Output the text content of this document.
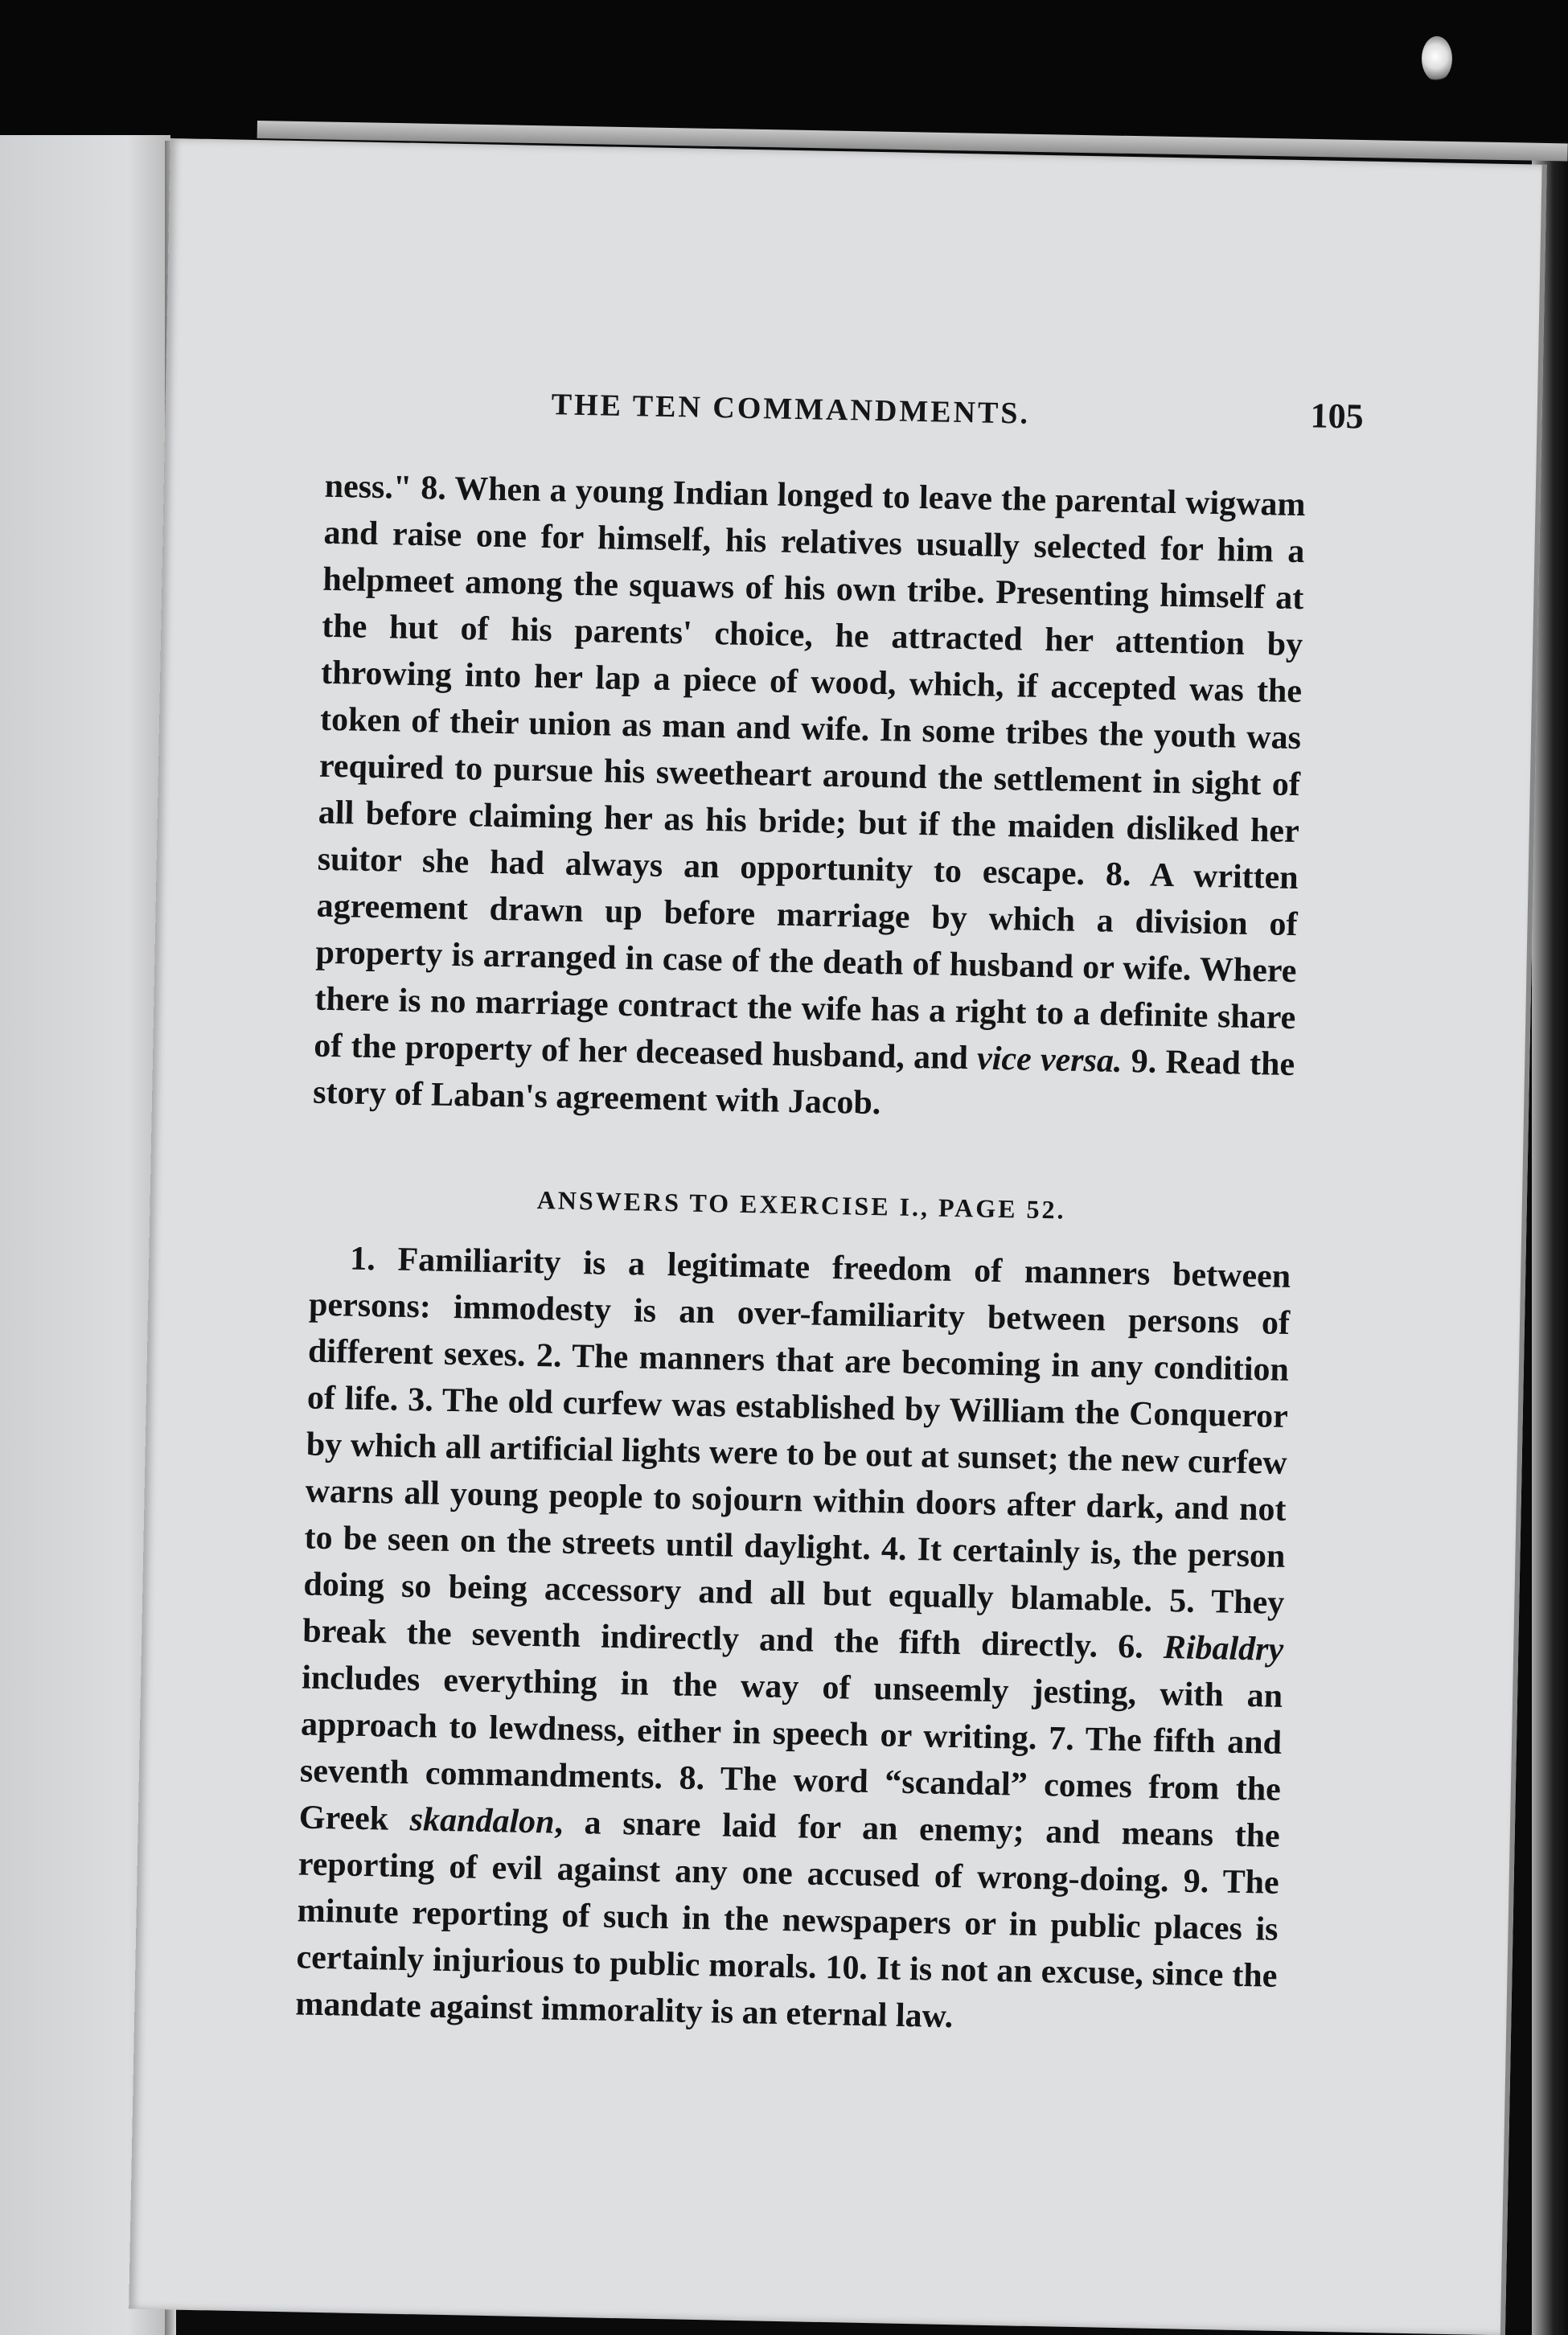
THE TEN COMMANDMENTS.	105

ness." 8. When a young Indian longed to leave the parental wigwam and raise one for himself, his relatives usually selected for him a helpmeet among the squaws of his own tribe. Presenting himself at the hut of his parents' choice, he attracted her attention by throwing into her lap a piece of wood, which, if accepted was the token of their union as man and wife. In some tribes the youth was required to pursue his sweetheart around the settlement in sight of all before claiming her as his bride; but if the maiden disliked her suitor she had always an opportunity to escape. 8. A written agreement drawn up before marriage by which a division of property is arranged in case of the death of husband or wife. Where there is no marriage contract the wife has a right to a definite share of the property of her deceased husband, and vice versa. 9. Read the story of Laban's agreement with Jacob.

ANSWERS TO EXERCISE I., PAGE 52.

1. Familiarity is a legitimate freedom of manners between persons: immodesty is an over-familiarity between persons of different sexes. 2. The manners that are becoming in any condition of life. 3. The old curfew was established by William the Conqueror by which all artificial lights were to be out at sunset; the new curfew warns all young people to sojourn within doors after dark, and not to be seen on the streets until daylight. 4. It certainly is, the person doing so being accessory and all but equally blamable. 5. They break the seventh indirectly and the fifth directly. 6. Ribaldry includes everything in the way of unseemly jesting, with an approach to lewdness, either in speech or writing. 7. The fifth and seventh commandments. 8. The word “scandal” comes from the Greek skandalon, a snare laid for an enemy; and means the reporting of evil against any one accused of wrong-doing. 9. The minute reporting of such in the newspapers or in public places is certainly injurious to public morals. 10. It is not an excuse, since the mandate against immorality is an eternal law.
